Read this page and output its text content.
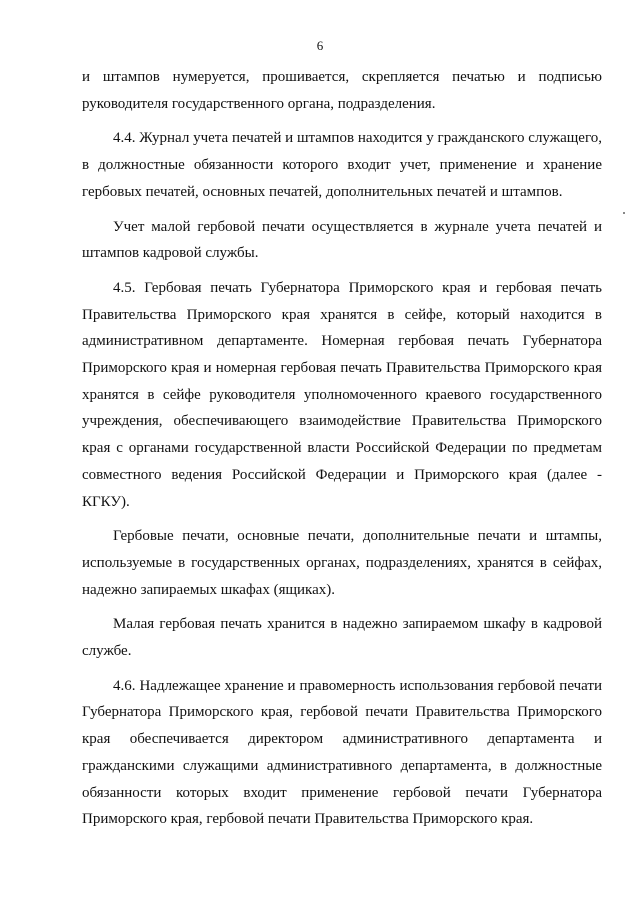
6

и штампов нумеруется, прошивается, скрепляется печатью и подписью руководителя государственного органа, подразделения.

4.4. Журнал учета печатей и штампов находится у гражданского служащего, в должностные обязанности которого входит учет, применение и хранение гербовых печатей, основных печатей, дополнительных печатей и штампов.

Учет малой гербовой печати осуществляется в журнале учета печатей и штампов кадровой службы.

4.5. Гербовая печать Губернатора Приморского края и гербовая печать Правительства Приморского края хранятся в сейфе, который находится в административном департаменте. Номерная гербовая печать Губернатора Приморского края и номерная гербовая печать Правительства Приморского края хранятся в сейфе руководителя уполномоченного краевого государственного учреждения, обеспечивающего взаимодействие Правительства Приморского края с органами государственной власти Российской Федерации по предметам совместного ведения Российской Федерации и Приморского края (далее - КГКУ).

Гербовые печати, основные печати, дополнительные печати и штампы, используемые в государственных органах, подразделениях, хранятся в сейфах, надежно запираемых шкафах (ящиках).

Малая гербовая печать хранится в надежно запираемом шкафу в кадровой службе.

4.6. Надлежащее хранение и правомерность использования гербовой печати Губернатора Приморского края, гербовой печати Правительства Приморского края обеспечивается директором административного департамента и гражданскими служащими административного департамента, в должностные обязанности которых входит применение гербовой печати Губернатора Приморского края, гербовой печати Правительства Приморского края.
